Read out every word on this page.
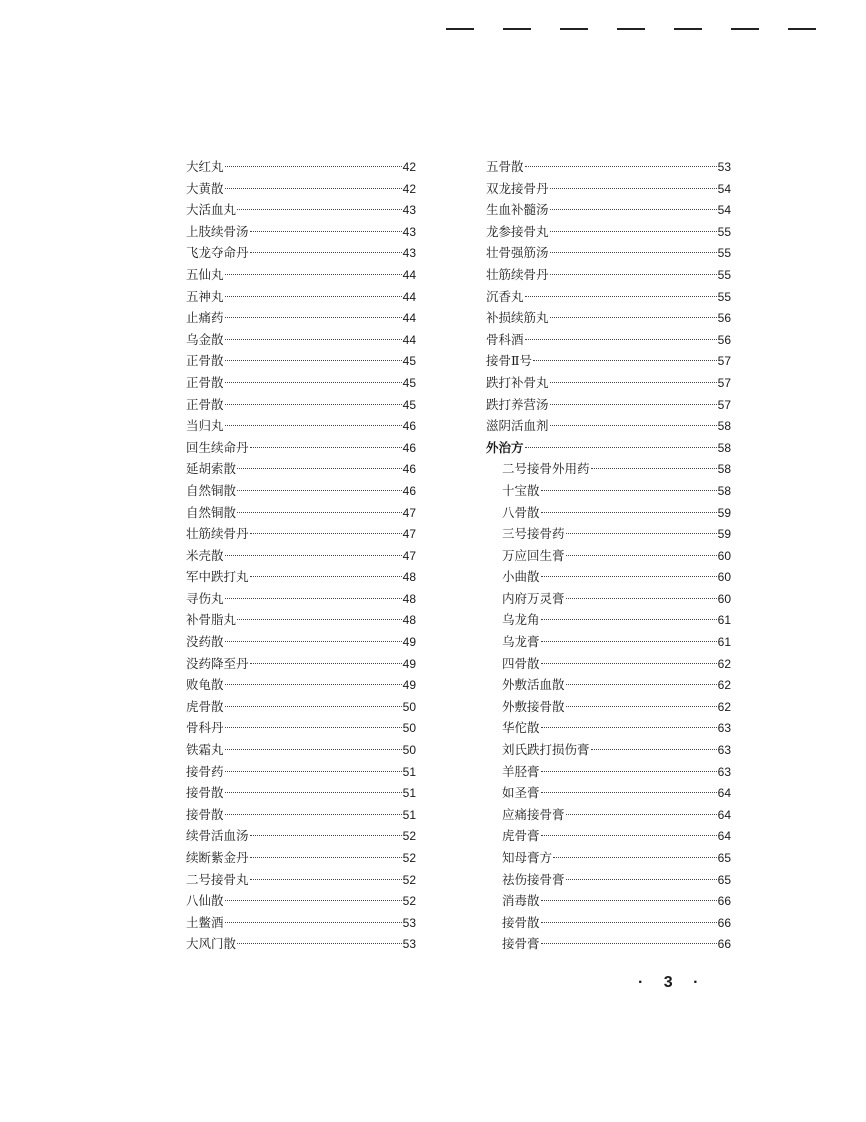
大红丸	42
大黄散	42
大活血丸	43
上肢续骨汤	43
飞龙夺命丹	43
五仙丸	44
五神丸	44
止痛药	44
乌金散	44
正骨散	45
正骨散	45
正骨散	45
当归丸	46
回生续命丹	46
延胡索散	46
自然铜散	46
自然铜散	47
壮筋续骨丹	47
米壳散	47
军中跌打丸	48
寻伤丸	48
补骨脂丸	48
没药散	49
没药降至丹	49
败龟散	49
虎骨散	50
骨科丹	50
铁霜丸	50
接骨药	51
接骨散	51
接骨散	51
续骨活血汤	52
续断紫金丹	52
二号接骨丸	52
八仙散	52
土鳖酒	53
大风门散	53
五骨散	53
双龙接骨丹	54
生血补髓汤	54
龙参接骨丸	55
壮骨强筋汤	55
壮筋续骨丹	55
沉香丸	55
补损续筋丸	56
骨科酒	56
接骨Ⅱ号	57
跌打补骨丸	57
跌打养营汤	57
滋阴活血剂	58
外治方	58
二号接骨外用药	58
十宝散	58
八骨散	59
三号接骨药	59
万应回生膏	60
小曲散	60
内府万灵膏	60
乌龙角	61
乌龙膏	61
四骨散	62
外敷活血散	62
外敷接骨散	62
华佗散	63
刘氏跌打损伤膏	63
羊胫膏	63
如圣膏	64
应痛接骨膏	64
虎骨膏	64
知母膏方	65
祛伤接骨膏	65
消毒散	66
接骨散	66
接骨膏	66
· 3 ·
